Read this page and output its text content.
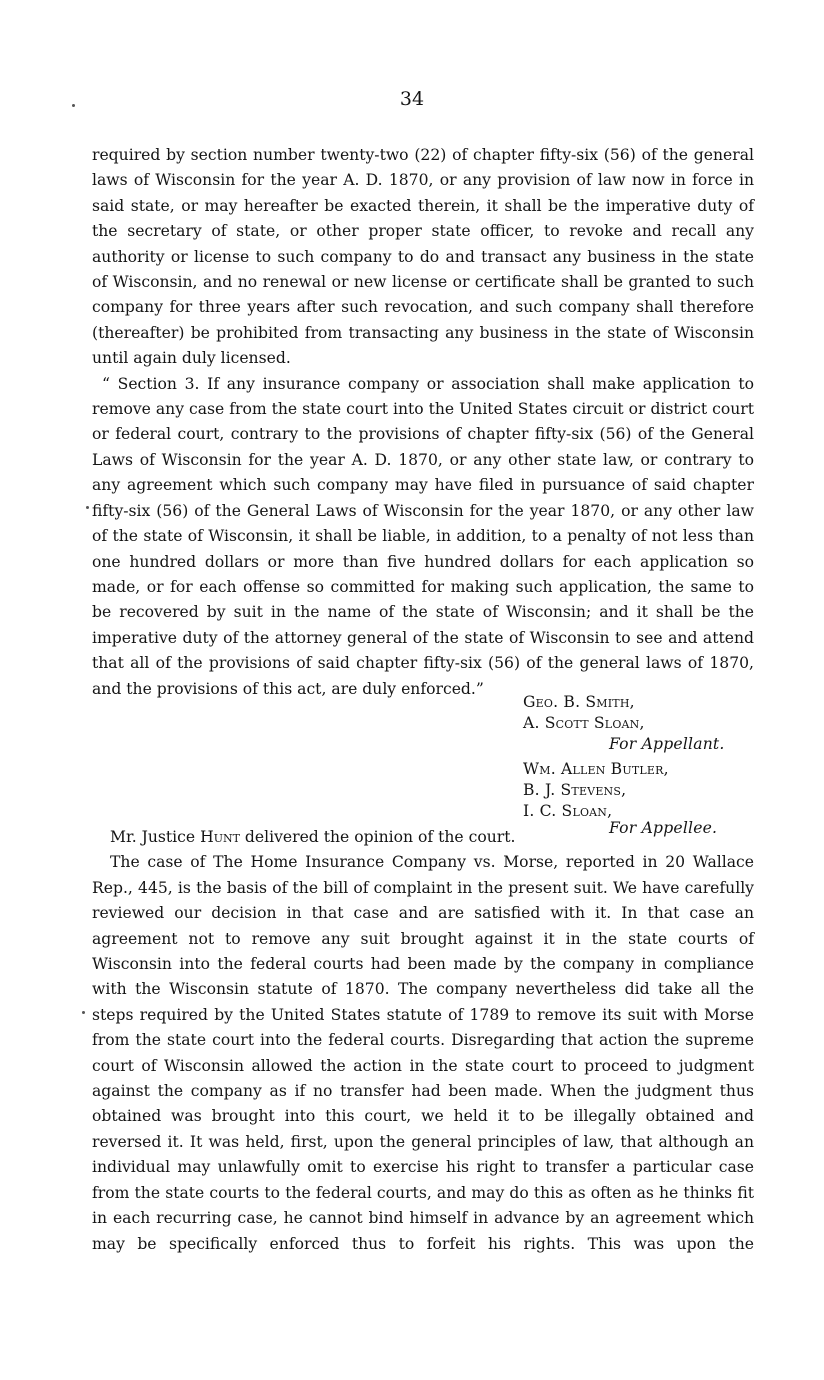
34

required by section number twenty-two (22) of chapter fifty-six (56) of the general laws of Wisconsin for the year A. D. 1870, or any provision of law now in force in said state, or may hereafter be exacted therein, it shall be the imperative duty of the secretary of state, or other proper state officer, to revoke and recall any authority or license to such company to do and transact any business in the state of Wisconsin, and no renewal or new license or certificate shall be granted to such company for three years after such revocation, and such company shall therefore (thereafter) be prohibited from transacting any business in the state of Wisconsin until again duly licensed.

“ Section 3. If any insurance company or association shall make application to remove any case from the state court into the United States circuit or district court or federal court, contrary to the provisions of chapter fifty-six (56) of the General Laws of Wisconsin for the year A. D. 1870, or any other state law, or contrary to any agreement which such company may have filed in pursuance of said chapter fifty-six (56) of the General Laws of Wisconsin for the year 1870, or any other law of the state of Wisconsin, it shall be liable, in addition, to a penalty of not less than one hundred dollars or more than five hundred dollars for each application so made, or for each offense so committed for making such application, the same to be recovered by suit in the name of the state of Wisconsin; and it shall be the imperative duty of the attorney general of the state of Wisconsin to see and attend that all of the provisions of said chapter fifty-six (56) of the general laws of 1870, and the provisions of this act, are duly enforced.”

Geo. B. Smith,
A. Scott Sloan,
For Appellant.
Wm. Allen Butler,
B. J. Stevens,
I. C. Sloan,
For Appellee.

Mr. Justice Hunt delivered the opinion of the court.

The case of The Home Insurance Company vs. Morse, reported in 20 Wallace Rep., 445, is the basis of the bill of complaint in the present suit. We have carefully reviewed our decision in that case and are satisfied with it. In that case an agreement not to remove any suit brought against it in the state courts of Wisconsin into the federal courts had been made by the company in compliance with the Wisconsin statute of 1870. The company nevertheless did take all the steps required by the United States statute of 1789 to remove its suit with Morse from the state court into the federal courts. Disregarding that action the supreme court of Wisconsin allowed the action in the state court to proceed to judgment against the company as if no transfer had been made. When the judgment thus obtained was brought into this court, we held it to be illegally obtained and reversed it. It was held, first, upon the general principles of law, that although an individual may unlawfully omit to exercise his right to transfer a particular case from the state courts to the federal courts, and may do this as often as he thinks fit in each recurring case, he cannot bind himself in advance by an agreement which may be specifically enforced thus to forfeit his rights. This was upon the
